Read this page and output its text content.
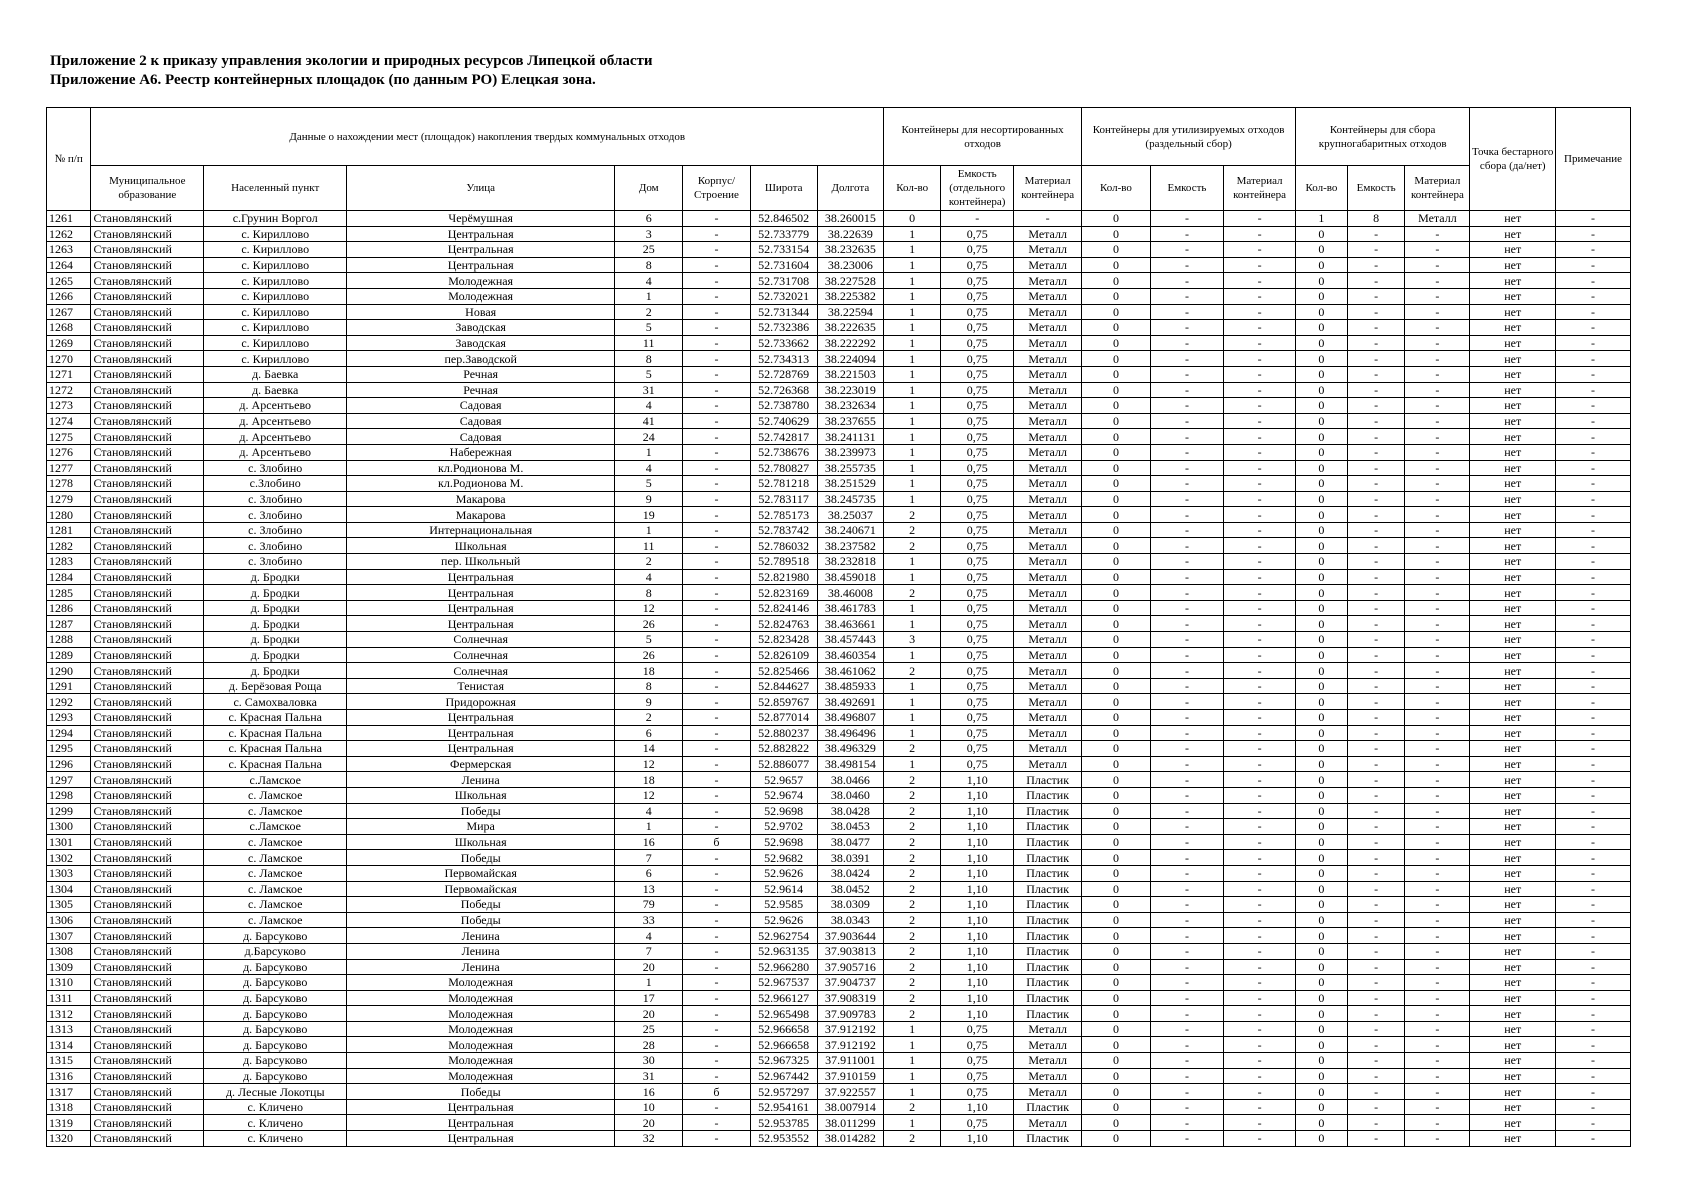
Приложение 2 к приказу управления экологии и природных ресурсов Липецкой области
Приложение А6. Реестр контейнерных площадок (по данным РО) Елецкая зона.
№ п/п	Данные о нахождении мест (площадок) накопления твердых коммунальных отходов							Контейнеры для несортированных отходов			Контейнеры для утилизируемых отходов (раздельный сбор)			Контейнеры для сбора крупногабаритных отходов			Точка бестарного сбора (да/нет)	Примечание
	Муниципальное образование	Населенный пункт	Улица	Дом	Корпус/ Строение	Широта	Долгота	Кол-во	Емкость (отдельного контейнера)	Материал контейнера	Кол-во	Емкость	Материал контейнера	Кол-во	Емкость	Материал контейнера		
1261	Становлянский	с.Грунин Воргол	Черёмушная	6	-	52.846502	38.260015	0	-	-	0	-	-	1	8	Металл	нет	-
1262	Становлянский	с. Кириллово	Центральная	3	-	52.733779	38.22639	1	0,75	Металл	0	-	-	0	-	-	нет	-
1263	Становлянский	с. Кириллово	Центральная	25	-	52.733154	38.232635	1	0,75	Металл	0	-	-	0	-	-	нет	-
1264	Становлянский	с. Кириллово	Центральная	8	-	52.731604	38.23006	1	0,75	Металл	0	-	-	0	-	-	нет	-
1265	Становлянский	с. Кириллово	Молодежная	4	-	52.731708	38.227528	1	0,75	Металл	0	-	-	0	-	-	нет	-
1266	Становлянский	с. Кириллово	Молодежная	1	-	52.732021	38.225382	1	0,75	Металл	0	-	-	0	-	-	нет	-
1267	Становлянский	с. Кириллово	Новая	2	-	52.731344	38.22594	1	0,75	Металл	0	-	-	0	-	-	нет	-
1268	Становлянский	с. Кириллово	Заводская	5	-	52.732386	38.222635	1	0,75	Металл	0	-	-	0	-	-	нет	-
1269	Становлянский	с. Кириллово	Заводская	11	-	52.733662	38.222292	1	0,75	Металл	0	-	-	0	-	-	нет	-
1270	Становлянский	с. Кириллово	пер.Заводской	8	-	52.734313	38.224094	1	0,75	Металл	0	-	-	0	-	-	нет	-
1271	Становлянский	д. Баевка	Речная	5	-	52.728769	38.221503	1	0,75	Металл	0	-	-	0	-	-	нет	-
1272	Становлянский	д. Баевка	Речная	31	-	52.726368	38.223019	1	0,75	Металл	0	-	-	0	-	-	нет	-
1273	Становлянский	д. Арсентьево	Садовая	4	-	52.738780	38.232634	1	0,75	Металл	0	-	-	0	-	-	нет	-
1274	Становлянский	д. Арсентьево	Садовая	41	-	52.740629	38.237655	1	0,75	Металл	0	-	-	0	-	-	нет	-
1275	Становлянский	д. Арсентьево	Садовая	24	-	52.742817	38.241131	1	0,75	Металл	0	-	-	0	-	-	нет	-
1276	Становлянский	д. Арсентьево	Набережная	1	-	52.738676	38.239973	1	0,75	Металл	0	-	-	0	-	-	нет	-
1277	Становлянский	с. Злобино	кл.Родионова М.	4	-	52.780827	38.255735	1	0,75	Металл	0	-	-	0	-	-	нет	-
1278	Становлянский	с.Злобино	кл.Родионова М.	5	-	52.781218	38.251529	1	0,75	Металл	0	-	-	0	-	-	нет	-
1279	Становлянский	с. Злобино	Макарова	9	-	52.783117	38.245735	1	0,75	Металл	0	-	-	0	-	-	нет	-
1280	Становлянский	с. Злобино	Макарова	19	-	52.785173	38.25037	2	0,75	Металл	0	-	-	0	-	-	нет	-
1281	Становлянский	с. Злобино	Интернациональная	1	-	52.783742	38.240671	2	0,75	Металл	0	-	-	0	-	-	нет	-
1282	Становлянский	с. Злобино	Школьная	11	-	52.786032	38.237582	2	0,75	Металл	0	-	-	0	-	-	нет	-
1283	Становлянский	с. Злобино	пер. Школьный	2	-	52.789518	38.232818	1	0,75	Металл	0	-	-	0	-	-	нет	-
1284	Становлянский	д. Бродки	Центральная	4	-	52.821980	38.459018	1	0,75	Металл	0	-	-	0	-	-	нет	-
1285	Становлянский	д. Бродки	Центральная	8	-	52.823169	38.46008	2	0,75	Металл	0	-	-	0	-	-	нет	-
1286	Становлянский	д. Бродки	Центральная	12	-	52.824146	38.461783	1	0,75	Металл	0	-	-	0	-	-	нет	-
1287	Становлянский	д. Бродки	Центральная	26	-	52.824763	38.463661	1	0,75	Металл	0	-	-	0	-	-	нет	-
1288	Становлянский	д. Бродки	Солнечная	5	-	52.823428	38.457443	3	0,75	Металл	0	-	-	0	-	-	нет	-
1289	Становлянский	д. Бродки	Солнечная	26	-	52.826109	38.460354	1	0,75	Металл	0	-	-	0	-	-	нет	-
1290	Становлянский	д. Бродки	Солнечная	18	-	52.825466	38.461062	2	0,75	Металл	0	-	-	0	-	-	нет	-
1291	Становлянский	д. Берёзовая Роща	Тенистая	8	-	52.844627	38.485933	1	0,75	Металл	0	-	-	0	-	-	нет	-
1292	Становлянский	с. Самохваловка	Придорожная	9	-	52.859767	38.492691	1	0,75	Металл	0	-	-	0	-	-	нет	-
1293	Становлянский	с. Красная Пальна	Центральная	2	-	52.877014	38.496807	1	0,75	Металл	0	-	-	0	-	-	нет	-
1294	Становлянский	с. Красная Пальна	Центральная	6	-	52.880237	38.496496	1	0,75	Металл	0	-	-	0	-	-	нет	-
1295	Становлянский	с. Красная Пальна	Центральная	14	-	52.882822	38.496329	2	0,75	Металл	0	-	-	0	-	-	нет	-
1296	Становлянский	с. Красная Пальна	Фермерская	12	-	52.886077	38.498154	1	0,75	Металл	0	-	-	0	-	-	нет	-
1297	Становлянский	с.Ламское	Ленина	18	-	52.9657	38.0466	2	1,10	Пластик	0	-	-	0	-	-	нет	-
1298	Становлянский	с. Ламское	Школьная	12	-	52.9674	38.0460	2	1,10	Пластик	0	-	-	0	-	-	нет	-
1299	Становлянский	с. Ламское	Победы	4	-	52.9698	38.0428	2	1,10	Пластик	0	-	-	0	-	-	нет	-
1300	Становлянский	с.Ламское	Мира	1	-	52.9702	38.0453	2	1,10	Пластик	0	-	-	0	-	-	нет	-
1301	Становлянский	с. Ламское	Школьная	16	б	52.9698	38.0477	2	1,10	Пластик	0	-	-	0	-	-	нет	-
1302	Становлянский	с. Ламское	Победы	7	-	52.9682	38.0391	2	1,10	Пластик	0	-	-	0	-	-	нет	-
1303	Становлянский	с. Ламское	Первомайская	6	-	52.9626	38.0424	2	1,10	Пластик	0	-	-	0	-	-	нет	-
1304	Становлянский	с. Ламское	Первомайская	13	-	52.9614	38.0452	2	1,10	Пластик	0	-	-	0	-	-	нет	-
1305	Становлянский	с. Ламское	Победы	79	-	52.9585	38.0309	2	1,10	Пластик	0	-	-	0	-	-	нет	-
1306	Становлянский	с. Ламское	Победы	33	-	52.9626	38.0343	2	1,10	Пластик	0	-	-	0	-	-	нет	-
1307	Становлянский	д. Барсуково	Ленина	4	-	52.962754	37.903644	2	1,10	Пластик	0	-	-	0	-	-	нет	-
1308	Становлянский	д.Барсуково	Ленина	7	-	52.963135	37.903813	2	1,10	Пластик	0	-	-	0	-	-	нет	-
1309	Становлянский	д. Барсуково	Ленина	20	-	52.966280	37.905716	2	1,10	Пластик	0	-	-	0	-	-	нет	-
1310	Становлянский	д. Барсуково	Молодежная	1	-	52.967537	37.904737	2	1,10	Пластик	0	-	-	0	-	-	нет	-
1311	Становлянский	д. Барсуково	Молодежная	17	-	52.966127	37.908319	2	1,10	Пластик	0	-	-	0	-	-	нет	-
1312	Становлянский	д. Барсуково	Молодежная	20	-	52.965498	37.909783	2	1,10	Пластик	0	-	-	0	-	-	нет	-
1313	Становлянский	д. Барсуково	Молодежная	25	-	52.966658	37.912192	1	0,75	Металл	0	-	-	0	-	-	нет	-
1314	Становлянский	д. Барсуково	Молодежная	28	-	52.966658	37.912192	1	0,75	Металл	0	-	-	0	-	-	нет	-
1315	Становлянский	д. Барсуково	Молодежная	30	-	52.967325	37.911001	1	0,75	Металл	0	-	-	0	-	-	нет	-
1316	Становлянский	д. Барсуково	Молодежная	31	-	52.967442	37.910159	1	0,75	Металл	0	-	-	0	-	-	нет	-
1317	Становлянский	д. Лесные Локотцы	Победы	16	б	52.957297	37.922557	1	0,75	Металл	0	-	-	0	-	-	нет	-
1318	Становлянский	с. Кличено	Центральная	10	-	52.954161	38.007914	2	1,10	Пластик	0	-	-	0	-	-	нет	-
1319	Становлянский	с. Кличено	Центральная	20	-	52.953785	38.011299	1	0,75	Металл	0	-	-	0	-	-	нет	-
1320	Становлянский	с. Кличено	Центральная	32	-	52.953552	38.014282	2	1,10	Пластик	0	-	-	0	-	-	нет	-
